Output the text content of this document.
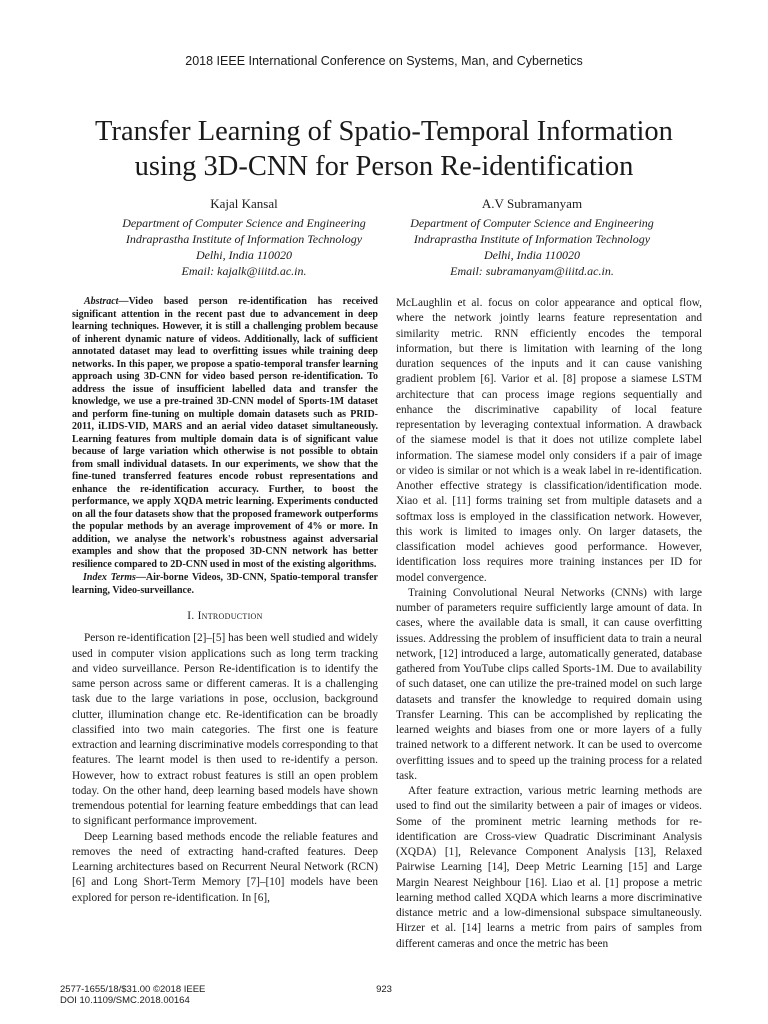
2018 IEEE International Conference on Systems, Man, and Cybernetics
Transfer Learning of Spatio-Temporal Information
using 3D-CNN for Person Re-identification
Kajal Kansal
Department of Computer Science and Engineering
Indraprastha Institute of Information Technology
Delhi, India 110020
Email: kajalk@iiitd.ac.in.
A.V Subramanyam
Department of Computer Science and Engineering
Indraprastha Institute of Information Technology
Delhi, India 110020
Email: subramanyam@iiitd.ac.in.

Abstract—Video based person re-identification has received significant attention in the recent past due to advancement in deep learning techniques. However, it is still a challenging problem because of inherent dynamic nature of videos. Additionally, lack of sufficient annotated dataset may lead to overfitting issues while training deep networks. In this paper, we propose a spatio-temporal transfer learning approach using 3D-CNN for video based person re-identification. To address the issue of insufficient labelled data and transfer the knowledge, we use a pre-trained 3D-CNN model of Sports-1M dataset and perform fine-tuning on multiple domain datasets such as PRID-2011, iLIDS-VID, MARS and an aerial video dataset simultaneously. Learning features from multiple domain data is of significant value because of large variation which otherwise is not possible to obtain from small individual datasets. In our experiments, we show that the fine-tuned transferred features encode robust representations and enhance the re-identification accuracy. Further, to boost the performance, we apply XQDA metric learning. Experiments conducted on all the four datasets show that the proposed framework outperforms the popular methods by an average improvement of 4% or more. In addition, we analyse the network's robustness against adversarial examples and show that the proposed 3D-CNN network has better resilience compared to 2D-CNN used in most of the existing algorithms.

Index Terms—Air-borne Videos, 3D-CNN, Spatio-temporal transfer learning, Video-surveillance.

I. Introduction

Person re-identification [2]–[5] has been well studied and widely used in computer vision applications such as long term tracking and video surveillance. Person Re-identification is to identify the same person across same or different cameras. It is a challenging task due to the large variations in pose, occlusion, background clutter, illumination change etc. Re-identification can be broadly classified into two main categories. The first one is feature extraction and learning discriminative models corresponding to that features. The learnt model is then used to re-identify a person. However, how to extract robust features is still an open problem today. On the other hand, deep learning based models have shown tremendous potential for learning feature embeddings that can lead to significant performance improvement.

Deep Learning based methods encode the reliable features and removes the need of extracting hand-crafted features. Deep Learning architectures based on Recurrent Neural Network (RCN) [6] and Long Short-Term Memory [7]–[10] models have been explored for person re-identification. In [6],

McLaughlin et al. focus on color appearance and optical flow, where the network jointly learns feature representation and similarity metric. RNN efficiently encodes the temporal information, but there is limitation with learning of the long duration sequences of the inputs and it can cause vanishing gradient problem [6]. Varior et al. [8] propose a siamese LSTM architecture that can process image regions sequentially and enhance the discriminative capability of local feature representation by leveraging contextual information. A drawback of the siamese model is that it does not utilize complete label information. The siamese model only considers if a pair of image or video is similar or not which is a weak label in re-identification. Another effective strategy is classification/identification mode. Xiao et al. [11] forms training set from multiple datasets and a softmax loss is employed in the classification network. However, this work is limited to images only. On larger datasets, the classification model achieves good performance. However, identification loss requires more training instances per ID for model convergence.

Training Convolutional Neural Networks (CNNs) with large number of parameters require sufficiently large amount of data. In cases, where the available data is small, it can cause overfitting issues. Addressing the problem of insufficient data to train a neural network, [12] introduced a large, automatically generated, database gathered from YouTube clips called Sports-1M. Due to availability of such dataset, one can utilize the pre-trained model on such large datasets and transfer the knowledge to required domain using Transfer Learning. This can be accomplished by replicating the learned weights and biases from one or more layers of a fully trained network to a different network. It can be used to overcome overfitting issues and to speed up the training process for a related task.

After feature extraction, various metric learning methods are used to find out the similarity between a pair of images or videos. Some of the prominent metric learning methods for re-identification are Cross-view Quadratic Discriminant Analysis (XQDA) [1], Relevance Component Analysis [13], Relaxed Pairwise Learning [14], Deep Metric Learning [15] and Large Margin Nearest Neighbour [16]. Liao et al. [1] propose a metric learning method called XQDA which learns a more discriminative distance metric and a low-dimensional subspace simultaneously. Hirzer et al. [14] learns a metric from pairs of samples from different cameras and once the metric has been

2577-1655/18/$31.00 ©2018 IEEE
DOI 10.1109/SMC.2018.00164
923
